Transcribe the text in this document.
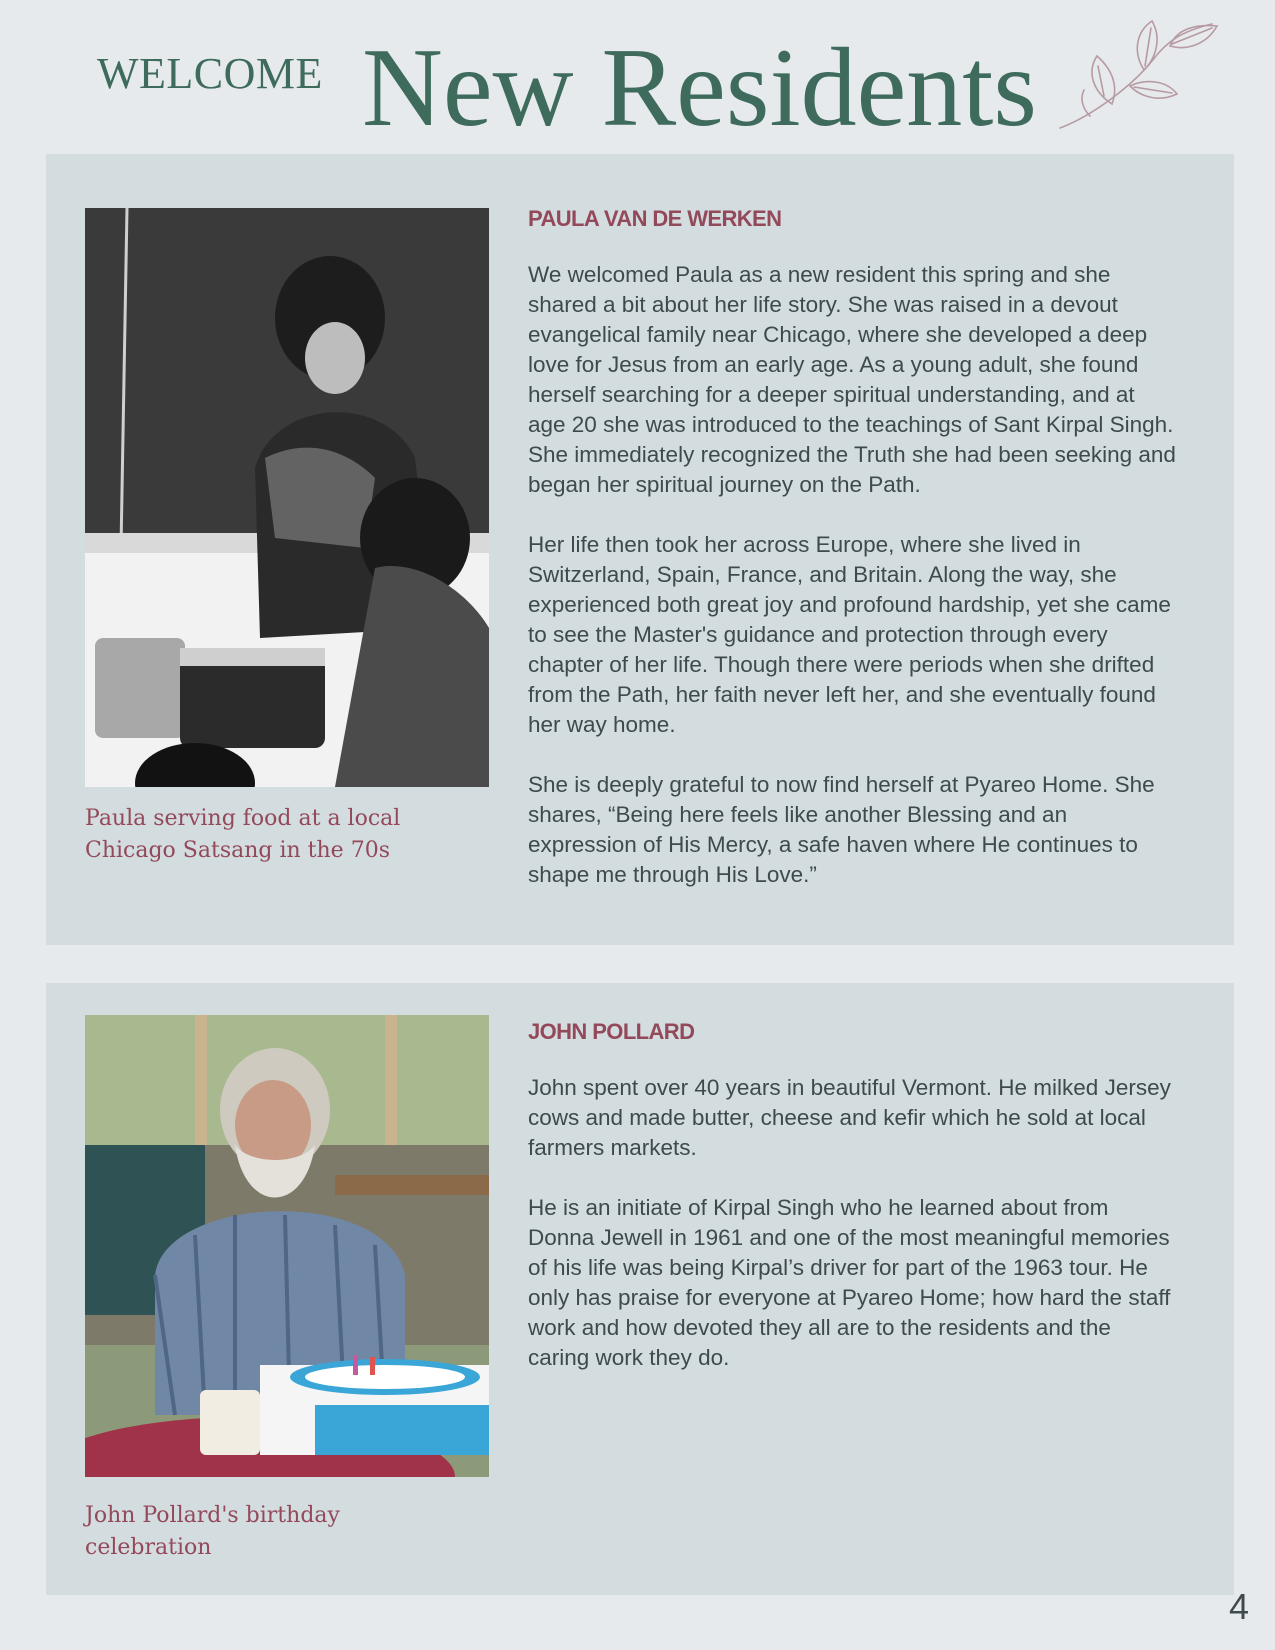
WELCOME New Residents
Paula serving food at a local Chicago Satsang in the 70s
PAULA VAN DE WERKEN

We welcomed Paula as a new resident this spring and she shared a bit about her life story. She was raised in a devout evangelical family near Chicago, where she developed a deep love for Jesus from an early age. As a young adult, she found herself searching for a deeper spiritual understanding, and at age 20 she was introduced to the teachings of Sant Kirpal Singh. She immediately recognized the Truth she had been seeking and began her spiritual journey on the Path.

Her life then took her across Europe, where she lived in Switzerland, Spain, France, and Britain. Along the way, she experienced both great joy and profound hardship, yet she came to see the Master's guidance and protection through every chapter of her life. Though there were periods when she drifted from the Path, her faith never left her, and she eventually found her way home.

She is deeply grateful to now find herself at Pyareo Home. She shares, “Being here feels like another Blessing and an expression of His Mercy, a safe haven where He continues to shape me through His Love.”

John Pollard's birthday celebration
JOHN POLLARD

John spent over 40 years in beautiful Vermont. He milked Jersey cows and made butter, cheese and kefir which he sold at local farmers markets.

He is an initiate of Kirpal Singh who he learned about from Donna Jewell in 1961 and one of the most meaningful memories of his life was being Kirpal’s driver for part of the 1963 tour. He only has praise for everyone at Pyareo Home; how hard the staff work and how devoted they all are to the residents and the caring work they do.

4
